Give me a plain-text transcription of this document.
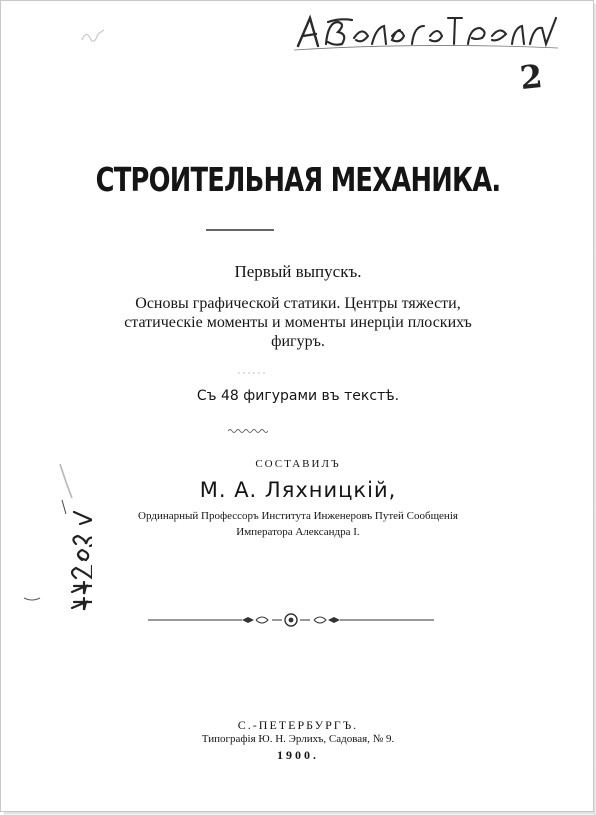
2
СТРОИТЕЛЬНАЯ МЕХАНИКА.
Первый выпускъ.
Основы графической статики. Центры тяжести,
статическіе моменты и моменты инерціи плоскихъ
фигуръ.
Съ 48 фигурами въ текстѣ.
СОСТАВИЛЪ
М. А. Ляхницкій,
Ординарный Профессоръ Института Инженеровъ Путей Сообщенія
Императора Александра I.
С.-ПЕТЕРБУРГЪ.
Типографія Ю. Н. Эрлихъ, Садовая, № 9.
1900.
